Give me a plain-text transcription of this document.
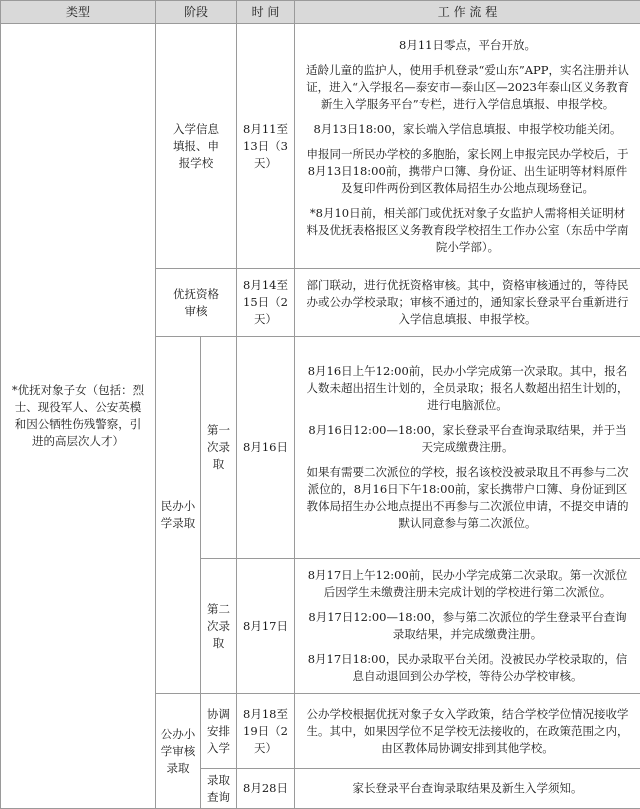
类型	阶段		时 间	工 作 流 程
*优抚对象子女（包括：烈士、现役军人、公安英模和因公牺牲伤残警察，引进的高层次人才）	入学信息填报、申报学校		8月11至13日（3天）	8月11日零点，平台开放。

适龄儿童的监护人，使用手机登录“爱山东”APP，实名注册并认证，进入“入学报名—泰安市—泰山区—2023年泰山区义务教育新生入学服务平台”专栏，进行入学信息填报、申报学校。

8月13日18:00，家长端入学信息填报、申报学校功能关闭。

申报同一所民办学校的多胞胎，家长网上申报完民办学校后，于8月13日18:00前，携带户口簿、身份证、出生证明等材料原件及复印件两份到区教体局招生办公地点现场登记。

*8月10日前，相关部门或优抚对象子女监护人需将相关证明材料及优抚表格报区义务教育段学校招生工作办公室（东岳中学南院小学部）。

	优抚资格审核		8月14至15日（2天）	部门联动，进行优抚资格审核。其中，资格审核通过的，等待民办或公办学校录取；审核不通过的，通知家长登录平台重新进行入学信息填报、申报学校。

	民办小学录取	第一次录取	8月16日	8月16日上午12:00前，民办小学完成第一次录取。其中，报名人数未超出招生计划的，全员录取；报名人数超出招生计划的，进行电脑派位。

8月16日12:00—18:00，家长登录平台查询录取结果，并于当天完成缴费注册。

如果有需要二次派位的学校，报名该校没被录取且不再参与二次派位的，8月16日下午18:00前，家长携带户口簿、身份证到区教体局招生办公地点提出不再参与二次派位申请，不提交申请的默认同意参与第二次派位。

		第二次录取	8月17日	8月17日上午12:00前，民办小学完成第二次录取。第一次派位后因学生未缴费注册未完成计划的学校进行第二次派位。

8月17日12:00—18:00，参与第二次派位的学生登录平台查询录取结果，并完成缴费注册。

8月17日18:00，民办录取平台关闭。没被民办学校录取的，信息自动退回到公办学校，等待公办学校审核。

	公办小学审核录取	协调安排入学	8月18至19日（2天）	公办学校根据优抚对象子女入学政策，结合学校学位情况接收学生。其中，如果因学位不足学校无法接收的，在政策范围之内，由区教体局协调安排到其他学校。

		录取查询	8月28日	家长登录平台查询录取结果及新生入学须知。
